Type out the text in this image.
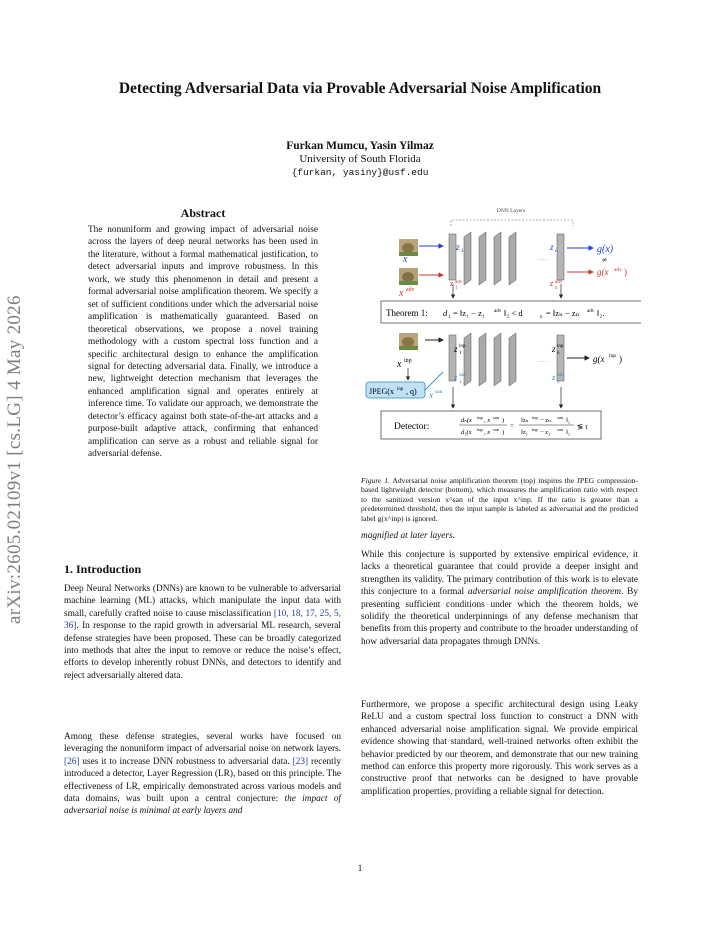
Detecting Adversarial Data via Provable Adversarial Noise Amplification
Furkan Mumcu, Yasin Yilmaz
University of South Florida
{furkan, yasiny}@usf.edu
arXiv:2605.02109v1 [cs.LG] 4 May 2026
Abstract
The nonuniform and growing impact of adversarial noise across the layers of deep neural networks has been used in the literature, without a formal mathematical justification, to detect adversarial inputs and improve robustness. In this work, we study this phenomenon in detail and present a formal adversarial noise amplification theorem. We specify a set of sufficient conditions under which the adversarial noise amplification is mathematically guaranteed. Based on theoretical observations, we propose a novel training methodology with a custom spectral loss function and a specific architectural design to enhance the amplification signal for detecting adversarial data. Finally, we introduce a new, lightweight detection mechanism that leverages the enhanced amplification signal and operates entirely at inference time. To validate our approach, we demonstrate the detector’s efficacy against both state-of-the-art attacks and a purpose-built adaptive attack, confirming that enhanced amplification can serve as a robust and reliable signal for adversarial defense.
1. Introduction
Deep Neural Networks (DNNs) are known to be vulnerable to adversarial machine learning (ML) attacks, which manipulate the input data with small, carefully crafted noise to cause misclassification [10, 18, 17, 25, 5, 36]. In response to the rapid growth in adversarial ML research, several defense strategies have been proposed. These can be broadly categorized into methods that alter the input to remove or reduce the noise’s effect, efforts to develop inherently robust DNNs, and detectors to identify and reject adversarially altered data.
Among these defense strategies, several works have focused on leveraging the nonuniform impact of adversarial noise on network layers. [26] uses it to increase DNN robustness to adversarial data. [23] recently introduced a detector, Layer Regression (LR), based on this principle. The effectiveness of LR, empirically demonstrated across various models and data domains, was built upon a central conjecture: the impact of adversarial noise is minimal at early layers and
DNN Layers
x
x adv
........
z 1
z adv
1
z n
z adv
n
g(x)
≠
g(x adv )
Theorem 1: d 1 = ‖z₁ − z₁ adv ‖₂ < d	n = ‖zₙ − zₙ adv ‖₂.
x inp
JPEG(x inp , q) x san
........
z inp
1
z san
1
z inp
n
z san
n
g(x inp )
Detector:
dₙ(x inp , x san )
d₁(x inp , x san )
=
‖zₙ inp − zₙ san ‖₂
‖z₁ inp − z₁ san ‖₂
≶ τ
Figure 1. Adversarial noise amplification theorem (top) inspires the JPEG compression-based lightweight detector (bottom), which measures the amplification ratio with respect to the sanitized version x^san of the input x^inp. If the ratio is greater than a predetermined threshold, then the input sample is labeled as adversarial and the predicted label g(x^inp) is ignored.
magnified at later layers.
While this conjecture is supported by extensive empirical evidence, it lacks a theoretical guarantee that could provide a deeper insight and strengthen its validity. The primary contribution of this work is to elevate this conjecture to a formal adversarial noise amplification theorem. By presenting sufficient conditions under which the theorem holds, we solidify the theoretical underpinnings of any defense mechanism that benefits from this property and contribute to the broader understanding of how adversarial data propagates through DNNs.
Furthermore, we propose a specific architectural design using Leaky ReLU and a custom spectral loss function to construct a DNN with enhanced adversarial noise amplification signal. We provide empirical evidence showing that standard, well-trained networks often exhibit the behavior predicted by our theorem, and demonstrate that our new training method can enforce this property more rigorously. This work serves as a constructive proof that networks can be designed to have provable amplification properties, providing a reliable signal for detection.
1
